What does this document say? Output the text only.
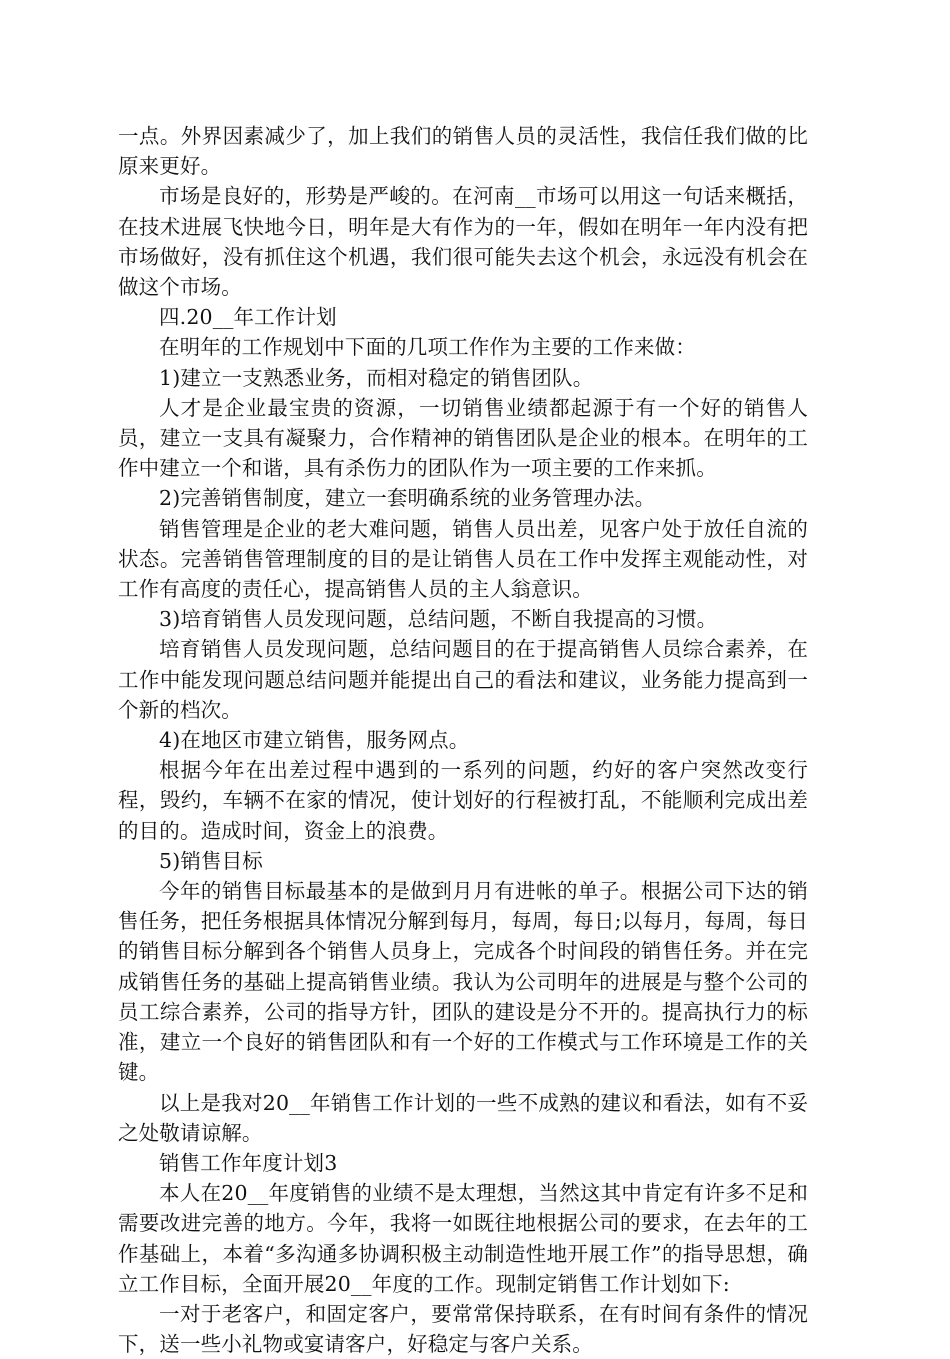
一点。外界因素减少了，加上我们的销售人员的灵活性，我信任我们做的比原来更好。

市场是良好的，形势是严峻的。在河南__市场可以用这一句话来概括，在技术进展飞快地今日，明年是大有作为的一年，假如在明年一年内没有把市场做好，没有抓住这个机遇，我们很可能失去这个机会，永远没有机会在做这个市场。

四.20__年工作计划

在明年的工作规划中下面的几项工作作为主要的工作来做：

1)建立一支熟悉业务，而相对稳定的销售团队。

人才是企业最宝贵的资源，一切销售业绩都起源于有一个好的销售人员，建立一支具有凝聚力，合作精神的销售团队是企业的根本。在明年的工作中建立一个和谐，具有杀伤力的团队作为一项主要的工作来抓。

2)完善销售制度，建立一套明确系统的业务管理办法。

销售管理是企业的老大难问题，销售人员出差，见客户处于放任自流的状态。完善销售管理制度的目的是让销售人员在工作中发挥主观能动性，对工作有高度的责任心，提高销售人员的主人翁意识。

3)培育销售人员发现问题，总结问题，不断自我提高的习惯。

培育销售人员发现问题，总结问题目的在于提高销售人员综合素养，在工作中能发现问题总结问题并能提出自己的看法和建议，业务能力提高到一个新的档次。

4)在地区市建立销售，服务网点。

根据今年在出差过程中遇到的一系列的问题，约好的客户突然改变行程，毁约，车辆不在家的情况，使计划好的行程被打乱，不能顺利完成出差的目的。造成时间，资金上的浪费。

5)销售目标

今年的销售目标最基本的是做到月月有进帐的单子。根据公司下达的销售任务，把任务根据具体情况分解到每月，每周，每日;以每月，每周，每日的销售目标分解到各个销售人员身上，完成各个时间段的销售任务。并在完成销售任务的基础上提高销售业绩。我认为公司明年的进展是与整个公司的员工综合素养，公司的指导方针，团队的建设是分不开的。提高执行力的标准，建立一个良好的销售团队和有一个好的工作模式与工作环境是工作的关键。

以上是我对20__年销售工作计划的一些不成熟的建议和看法，如有不妥之处敬请谅解。

销售工作年度计划3

本人在20__年度销售的业绩不是太理想，当然这其中肯定有许多不足和需要改进完善的地方。今年，我将一如既往地根据公司的要求，在去年的工作基础上，本着“多沟通多协调积极主动制造性地开展工作”的指导思想，确立工作目标，全面开展20__年度的工作。现制定销售工作计划如下:

一对于老客户，和固定客户，要常常保持联系，在有时间有条件的情况下，送一些小礼物或宴请客户，好稳定与客户关系。
